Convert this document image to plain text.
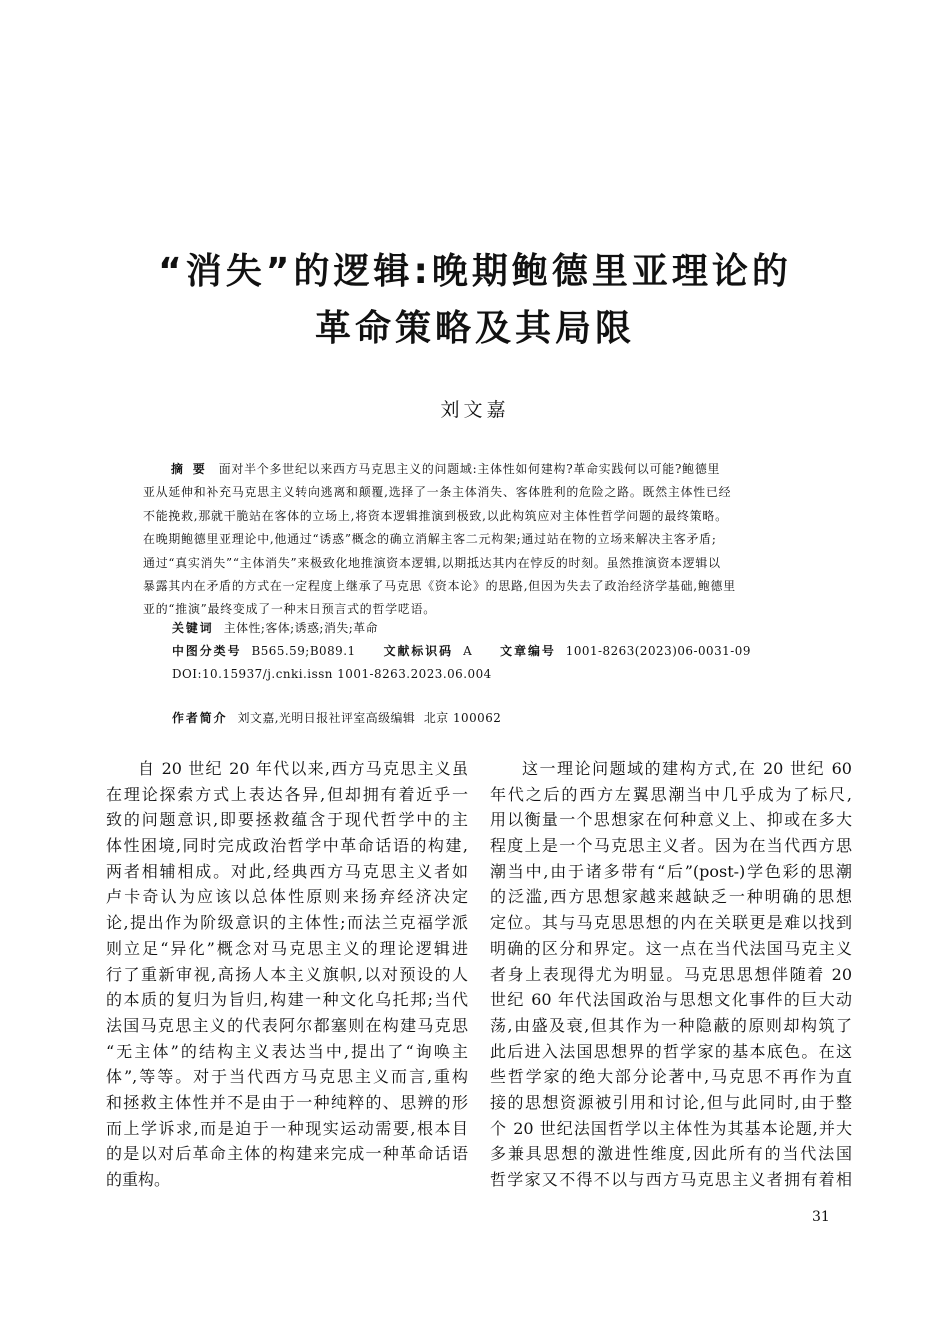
“消失”的逻辑:晚期鲍德里亚理论的
革命策略及其局限
刘文嘉
摘要 面对半个多世纪以来西方马克思主义的问题域:主体性如何建构?革命实践何以可能?鲍德里
亚从延伸和补充马克思主义转向逃离和颠覆,选择了一条主体消失、客体胜利的危险之路。既然主体性已经
不能挽救,那就干脆站在客体的立场上,将资本逻辑推演到极致,以此构筑应对主体性哲学问题的最终策略。
在晚期鲍德里亚理论中,他通过“诱惑”概念的确立消解主客二元构架;通过站在物的立场来解决主客矛盾;
通过“真实消失”“主体消失”来极致化地推演资本逻辑,以期抵达其内在悖反的时刻。虽然推演资本逻辑以
暴露其内在矛盾的方式在一定程度上继承了马克思《资本论》的思路,但因为失去了政治经济学基础,鲍德里
亚的“推演”最终变成了一种末日预言式的哲学呓语。
关键词 主体性;客体;诱惑;消失;革命
中图分类号 B565.59;B089.1 文献标识码 A 文章编号 1001-8263(2023)06-0031-09
DOI:10.15937/j.cnki.issn 1001-8263.2023.06.004
作者简介 刘文嘉,光明日报社评室高级编辑  北京 100062
自 20 世纪 20 年代以来,西方马克思主义虽
在理论探索方式上表达各异,但却拥有着近乎一
致的问题意识,即要拯救蕴含于现代哲学中的主
体性困境,同时完成政治哲学中革命话语的构建,
两者相辅相成。对此,经典西方马克思主义者如
卢卡奇认为应该以总体性原则来扬弃经济决定
论,提出作为阶级意识的主体性;而法兰克福学派
则立足“异化”概念对马克思主义的理论逻辑进
行了重新审视,高扬人本主义旗帜,以对预设的人
的本质的复归为旨归,构建一种文化乌托邦;当代
法国马克思主义的代表阿尔都塞则在构建马克思
“无主体”的结构主义表达当中,提出了“询唤主
体”,等等。对于当代西方马克思主义而言,重构
和拯救主体性并不是由于一种纯粹的、思辨的形
而上学诉求,而是迫于一种现实运动需要,根本目
的是以对后革命主体的构建来完成一种革命话语
的重构。
这一理论问题域的建构方式,在 20 世纪 60
年代之后的西方左翼思潮当中几乎成为了标尺,
用以衡量一个思想家在何种意义上、抑或在多大
程度上是一个马克思主义者。因为在当代西方思
潮当中,由于诸多带有“后”(post-)学色彩的思潮
的泛滥,西方思想家越来越缺乏一种明确的思想
定位。其与马克思思想的内在关联更是难以找到
明确的区分和界定。这一点在当代法国马克主义
者身上表现得尤为明显。马克思思想伴随着 20
世纪 60 年代法国政治与思想文化事件的巨大动
荡,由盛及衰,但其作为一种隐蔽的原则却构筑了
此后进入法国思想界的哲学家的基本底色。在这
些哲学家的绝大部分论著中,马克思不再作为直
接的思想资源被引用和讨论,但与此同时,由于整
个 20 世纪法国哲学以主体性为其基本论题,并大
多兼具思想的激进性维度,因此所有的当代法国
哲学家又不得不以与西方马克思主义者拥有着相
31
